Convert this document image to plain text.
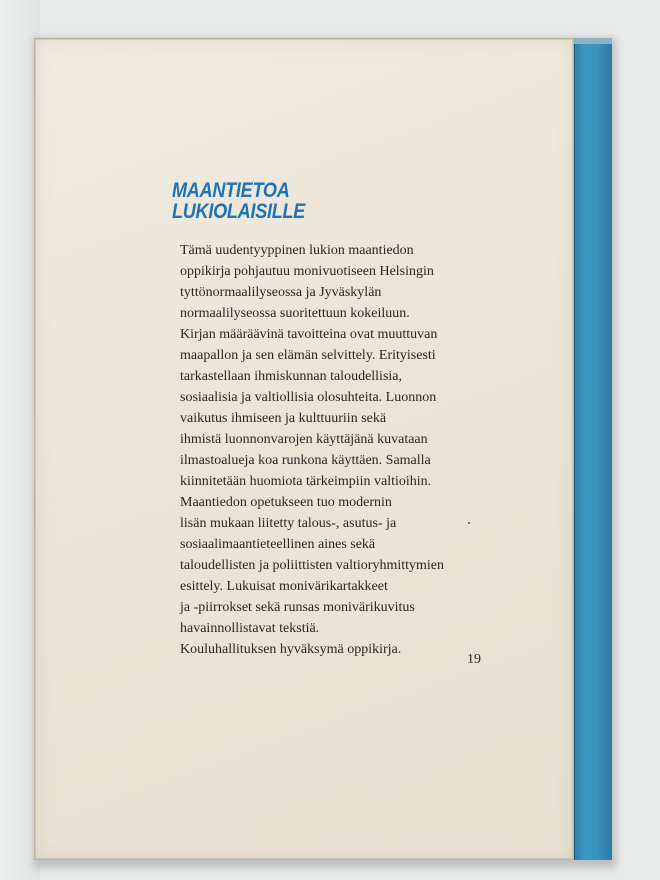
MAANTIETOA
LUKIOLAISILLE
Tämä uudentyyppinen lukion maantiedon
oppikirja pohjautuu monivuotiseen Helsingin
tyttönormaalilyseossa ja Jyväskylän
normaalilyseossa suoritettuun kokeiluun.
Kirjan määräävinä tavoitteina ovat muuttuvan
maapallon ja sen elämän selvittely. Erityisesti
tarkastellaan ihmiskunnan taloudellisia,
sosiaalisia ja valtiollisia olosuhteita. Luonnon
vaikutus ihmiseen ja kulttuuriin sekä
ihmistä luonnonvarojen käyttäjänä kuvataan
ilmastoalueja koa runkona käyttäen. Samalla
kiinnitetään huomiota tärkeimpiin valtioihin.
Maantiedon opetukseen tuo modernin
lisän mukaan liitetty talous-, asutus- ja
sosiaalimaantieteellinen aines sekä
taloudellisten ja poliittisten valtioryhmittymien
esittely. Lukuisat monivärikartakkeet
ja -piirrokset sekä runsas monivärikuvitus
havainnollistavat tekstiä.
Kouluhallituksen hyväksymä oppikirja.
19
